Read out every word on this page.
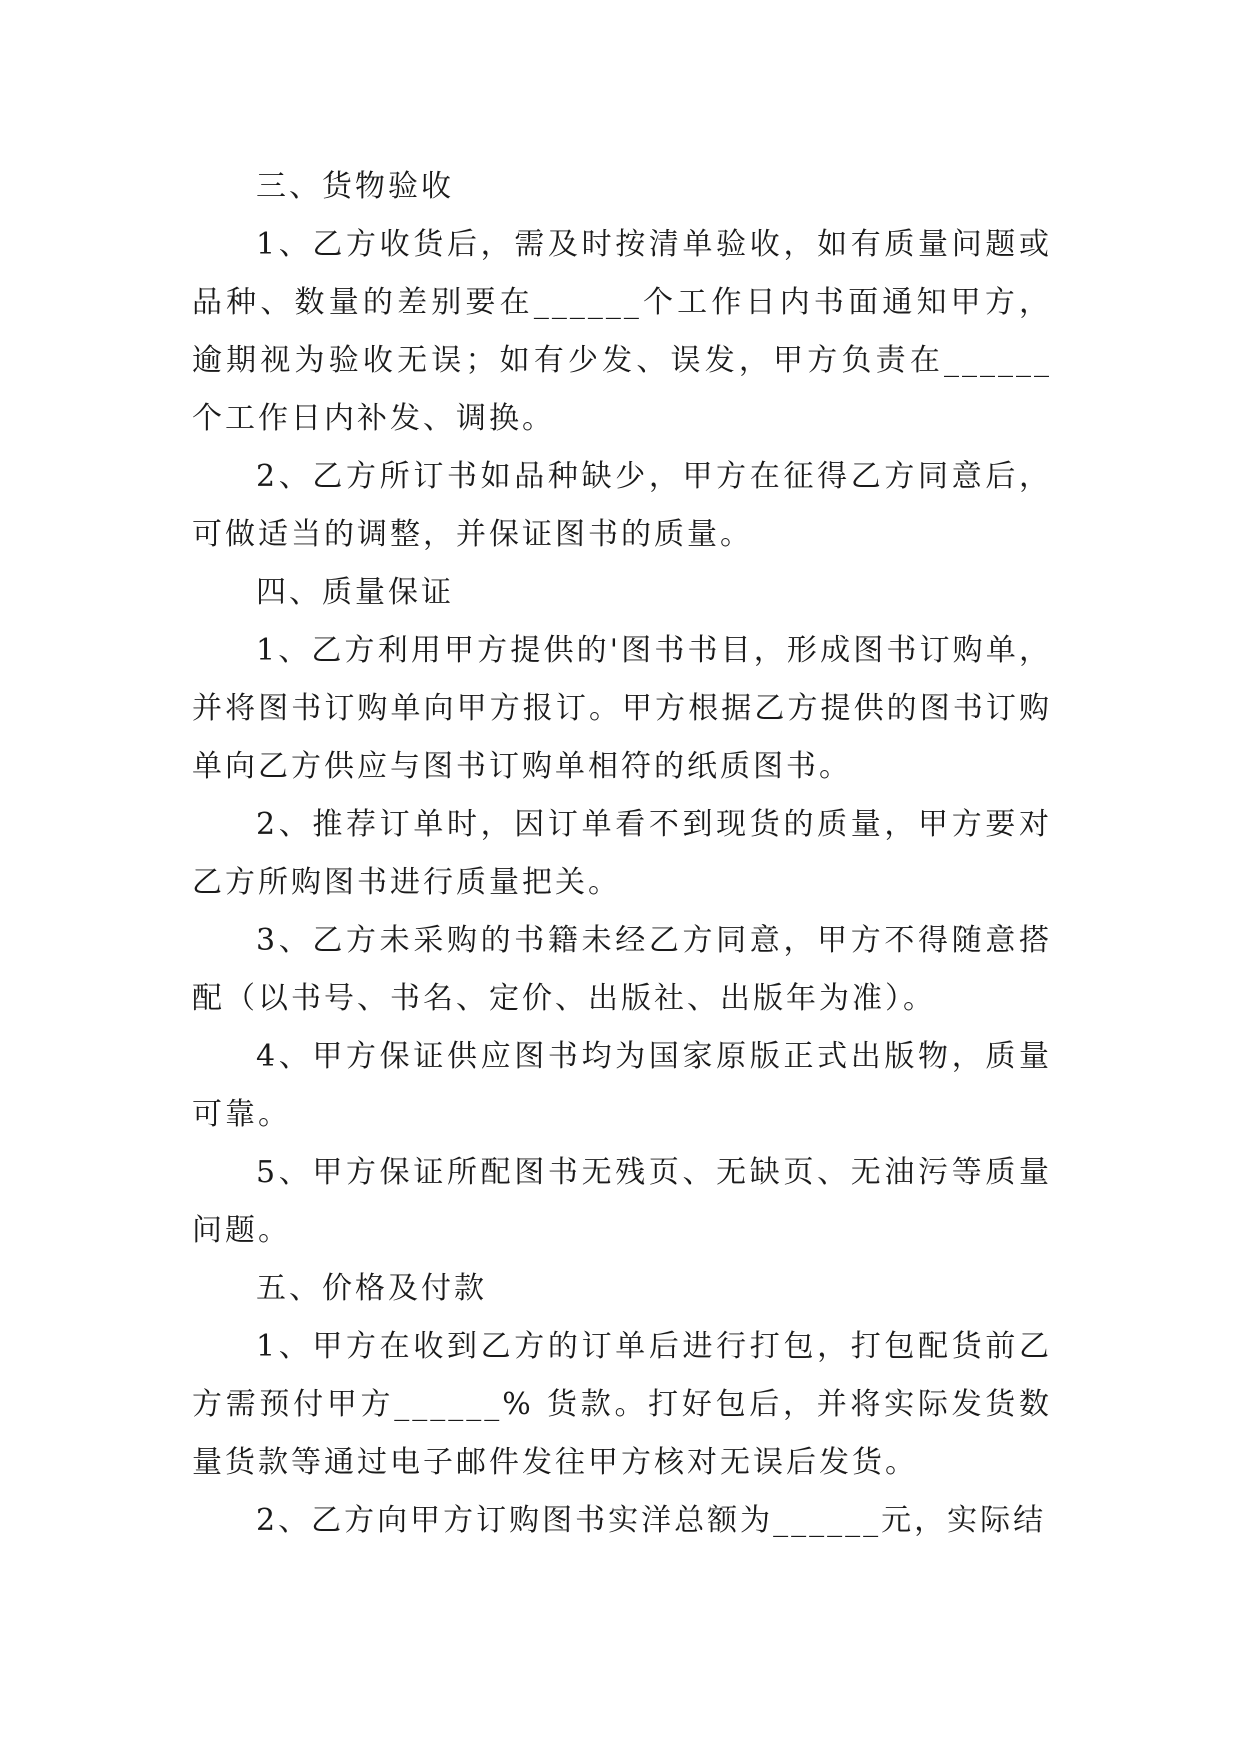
三、货物验收

1、乙方收货后，需及时按清单验收，如有质量问题或品种、数量的差别要在______个工作日内书面通知甲方，逾期视为验收无误；如有少发、误发，甲方负责在______个工作日内补发、调换。

2、乙方所订书如品种缺少，甲方在征得乙方同意后，可做适当的调整，并保证图书的质量。

四、质量保证

1、乙方利用甲方提供的'图书书目，形成图书订购单，并将图书订购单向甲方报订。甲方根据乙方提供的图书订购单向乙方供应与图书订购单相符的纸质图书。

2、推荐订单时，因订单看不到现货的质量，甲方要对乙方所购图书进行质量把关。

3、乙方未采购的书籍未经乙方同意，甲方不得随意搭配（以书号、书名、定价、出版社、出版年为准）。

4、甲方保证供应图书均为国家原版正式出版物，质量可靠。

5、甲方保证所配图书无残页、无缺页、无油污等质量问题。

五、价格及付款

1、甲方在收到乙方的订单后进行打包，打包配货前乙方需预付甲方______% 货款。打好包后，并将实际发货数量货款等通过电子邮件发往甲方核对无误后发货。

2、乙方向甲方订购图书实洋总额为______元，实际结
